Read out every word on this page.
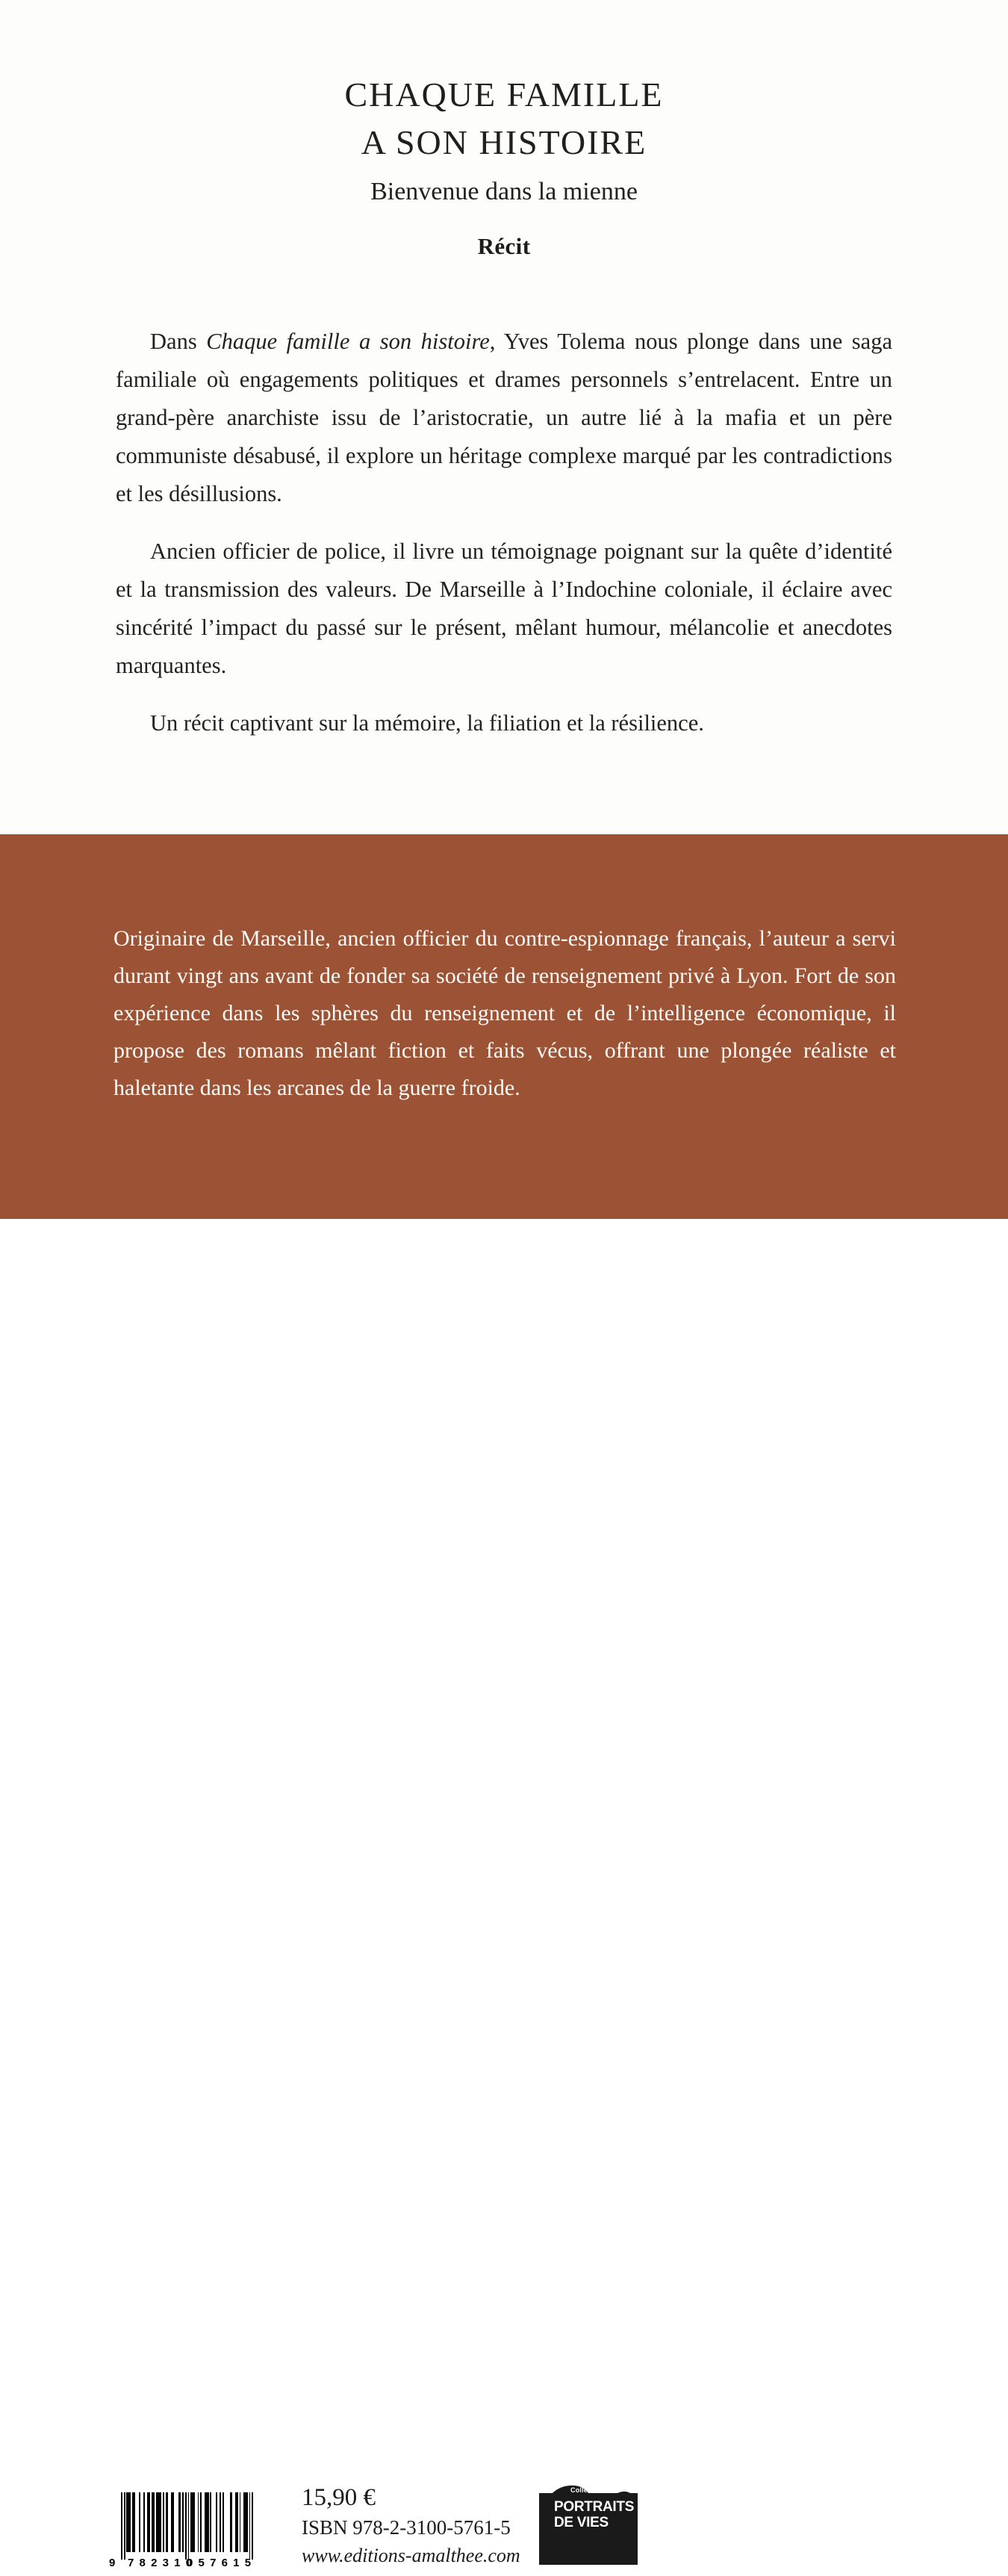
CHAQUE FAMILLE
A SON HISTOIRE
Bienvenue dans la mienne
Récit

Dans Chaque famille a son histoire, Yves Tolema nous plonge dans une saga familiale où engagements politiques et drames personnels s’entrelacent. Entre un grand-père anarchiste issu de l’aristocratie, un autre lié à la mafia et un père communiste désabusé, il explore un héritage complexe marqué par les contradictions et les désillusions.

Ancien officier de police, il livre un témoignage poignant sur la quête d’identité et la transmission des valeurs. De Marseille à l’Indochine coloniale, il éclaire avec sincérité l’impact du passé sur le présent, mêlant humour, mélancolie et anecdotes marquantes.

Un récit captivant sur la mémoire, la filiation et la résilience.

Originaire de Marseille, ancien officier du contre-espionnage français, l’auteur a servi durant vingt ans avant de fonder sa société de renseignement privé à Lyon. Fort de son expérience dans les sphères du renseignement et de l’intelligence économique, il propose des romans mêlant fiction et faits vécus, offrant une plongée réaliste et haletante dans les arcanes de la guerre froide.

9 782310
057615
15,90 €
ISBN 978-2-3100-5761-5
www.editions-amalthee.com
Collection
PORTRAITS
DE VIES
